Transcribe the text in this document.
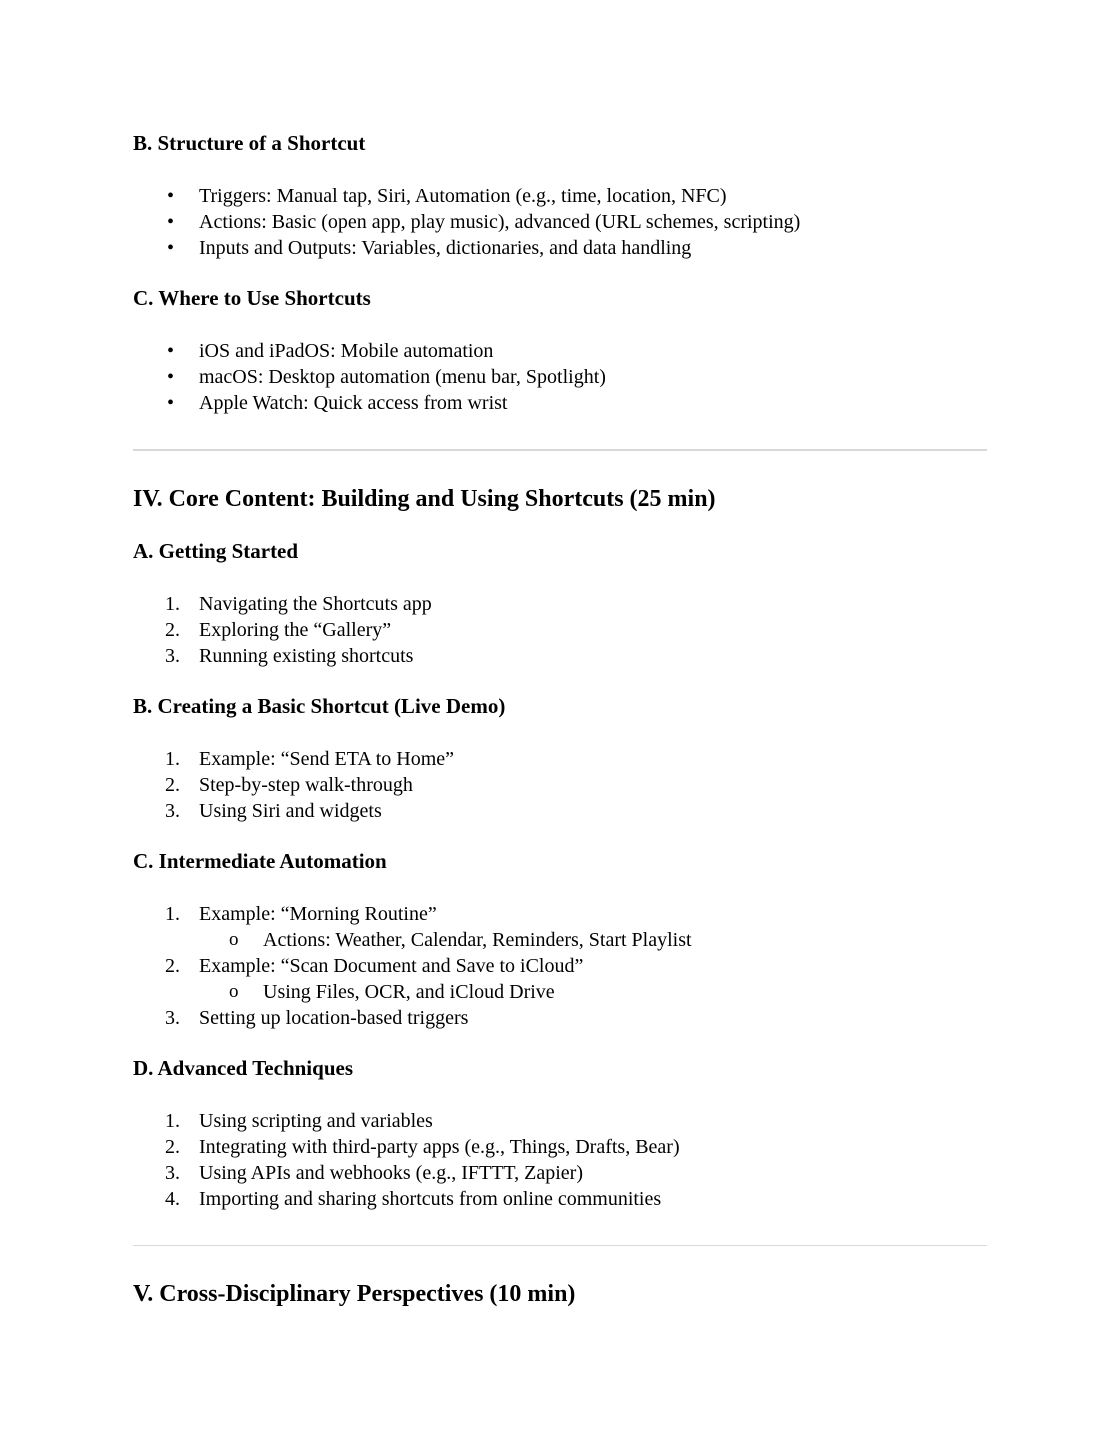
B. Structure of a Shortcut
•	Triggers: Manual tap, Siri, Automation (e.g., time, location, NFC)
•	Actions: Basic (open app, play music), advanced (URL schemes, scripting)
•	Inputs and Outputs: Variables, dictionaries, and data handling
C. Where to Use Shortcuts
•	iOS and iPadOS: Mobile automation
•	macOS: Desktop automation (menu bar, Spotlight)
•	Apple Watch: Quick access from wrist
IV. Core Content: Building and Using Shortcuts (25 min)
A. Getting Started
1. Navigating the Shortcuts app
2. Exploring the “Gallery”
3. Running existing shortcuts
B. Creating a Basic Shortcut (Live Demo)
1. Example: “Send ETA to Home”
2. Step-by-step walk-through
3. Using Siri and widgets
C. Intermediate Automation
1. Example: “Morning Routine”
o	Actions: Weather, Calendar, Reminders, Start Playlist
2. Example: “Scan Document and Save to iCloud”
o	Using Files, OCR, and iCloud Drive
3. Setting up location-based triggers
D. Advanced Techniques
1. Using scripting and variables
2. Integrating with third-party apps (e.g., Things, Drafts, Bear)
3. Using APIs and webhooks (e.g., IFTTT, Zapier)
4. Importing and sharing shortcuts from online communities
V. Cross-Disciplinary Perspectives (10 min)
